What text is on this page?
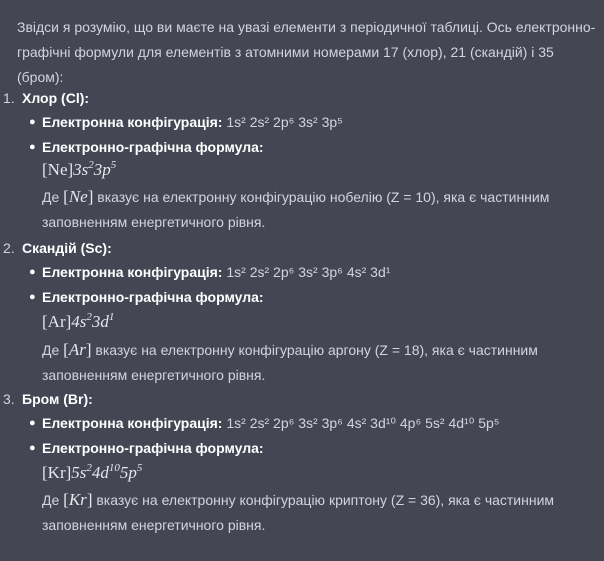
Звідси я розумію, що ви маєте на увазі елементи з періодичної таблиці. Ось електронно-графічні формули для елементів з атомними номерами 17 (хлор), 21 (скандій) і 35 (бром):

1. Хлор (Cl):
● Електронна конфігурація: 1s² 2s² 2p⁶ 3s² 3p⁵
● Електронно-графічна формула:
$[Ne]3s^23p^5$

Де [Ne] вказує на електронну конфігурацію нобелію (Z = 10), яка є частинним заповненням енергетичного рівня.

2. Скандій (Sc):
● Електронна конфігурація: 1s² 2s² 2p⁶ 3s² 3p⁶ 4s² 3d¹
● Електронно-графічна формула:
$[Ar]4s^23d^1$

Де [Ar] вказує на електронну конфігурацію аргону (Z = 18), яка є частинним заповненням енергетичного рівня.

3. Бром (Br):
● Електронна конфігурація: 1s² 2s² 2p⁶ 3s² 3p⁶ 4s² 3d¹⁰ 4p⁶ 5s² 4d¹⁰ 5p⁵
● Електронно-графічна формула:
$[Kr]5s^24d^{10}5p^5$

Де [Kr] вказує на електронну конфігурацію криптону (Z = 36), яка є частинним заповненням енергетичного рівня.
